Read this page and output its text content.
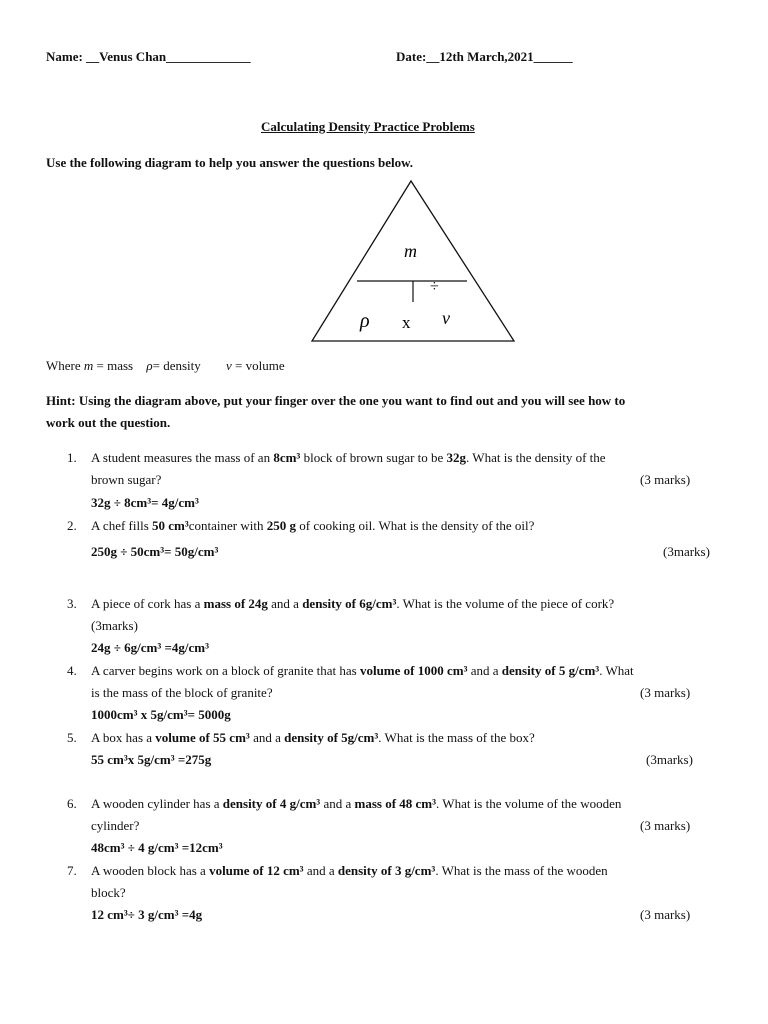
Name: __Venus Chan_____________	Date:__12th March,2021______
Calculating Density Practice Problems
Use the following diagram to help you answer the questions below.
m
÷
ρ x v
Where m = mass ρ= density v = volume
Hint: Using the diagram above, put your finger over the one you want to find out and you will see how to
work out the question.
1. A student measures the mass of an 8cm³ block of brown sugar to be 32g. What is the density of the
brown sugar?	(3 marks)
32g ÷ 8cm³= 4g/cm³
2. A chef fills 50 cm³container with 250 g of cooking oil. What is the density of the oil?
250g ÷ 50cm³= 50g/cm³	(3marks)
3. A piece of cork has a mass of 24g and a density of 6g/cm³. What is the volume of the piece of cork?
(3marks)
24g ÷ 6g/cm³ =4g/cm³
4. A carver begins work on a block of granite that has volume of 1000 cm³ and a density of 5 g/cm³. What
is the mass of the block of granite?	(3 marks)
1000cm³ x 5g/cm³= 5000g
5. A box has a volume of 55 cm³ and a density of 5g/cm³. What is the mass of the box?
55 cm³x 5g/cm³ =275g	(3marks)
6. A wooden cylinder has a density of 4 g/cm³ and a mass of 48 cm³. What is the volume of the wooden
cylinder?	(3 marks)
48cm³ ÷ 4 g/cm³ =12cm³
7. A wooden block has a volume of 12 cm³ and a density of 3 g/cm³. What is the mass of the wooden
block?
12 cm³÷ 3 g/cm³ =4g	(3 marks)
